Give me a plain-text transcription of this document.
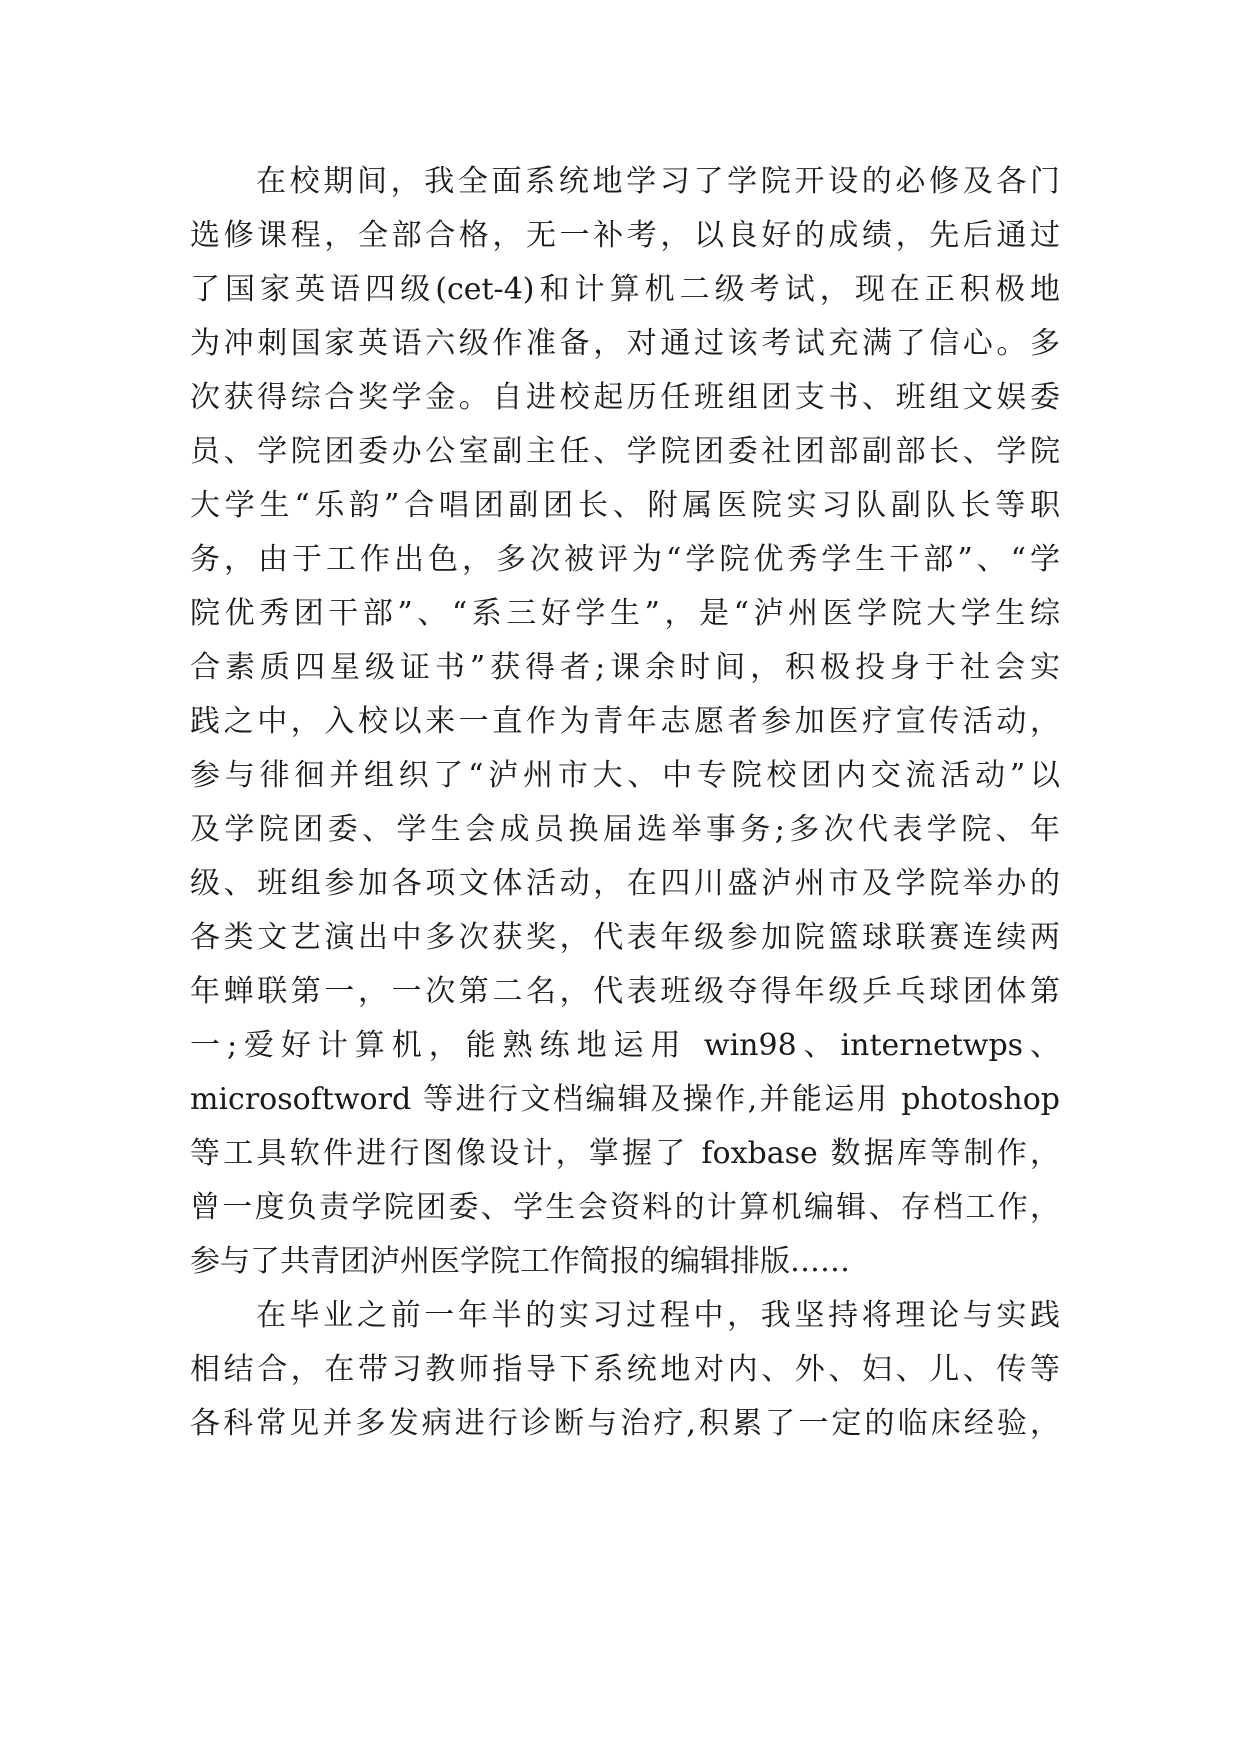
在校期间，我全面系统地学习了学院开设的必修及各门
选修课程，全部合格，无一补考，以良好的成绩，先后通过
了国家英语四级(cet-4)和计算机二级考试，现在正积极地
为冲刺国家英语六级作准备，对通过该考试充满了信心。多
次获得综合奖学金。自进校起历任班组团支书、班组文娱委
员、学院团委办公室副主任、学院团委社团部副部长、学院
大学生“乐韵”合唱团副团长、附属医院实习队副队长等职
务，由于工作出色，多次被评为“学院优秀学生干部”、“学
院优秀团干部”、“系三好学生”，是“泸州医学院大学生综
合素质四星级证书”获得者;课余时间，积极投身于社会实
践之中，入校以来一直作为青年志愿者参加医疗宣传活动，
参与徘徊并组织了“泸州市大、中专院校团内交流活动”以
及学院团委、学生会成员换届选举事务;多次代表学院、年
级、班组参加各项文体活动，在四川盛泸州市及学院举办的
各类文艺演出中多次获奖，代表年级参加院篮球联赛连续两
年蝉联第一，一次第二名，代表班级夺得年级乒乓球团体第
一;爱好计算机，能熟练地运用 win98、internetwps、
microsoftword 等进行文档编辑及操作,并能运用 photoshop
等工具软件进行图像设计，掌握了 foxbase 数据库等制作，
曾一度负责学院团委、学生会资料的计算机编辑、存档工作，
参与了共青团泸州医学院工作简报的编辑排版……
在毕业之前一年半的实习过程中，我坚持将理论与实践
相结合，在带习教师指导下系统地对内、外、妇、儿、传等
各科常见并多发病进行诊断与治疗,积累了一定的临床经验，
